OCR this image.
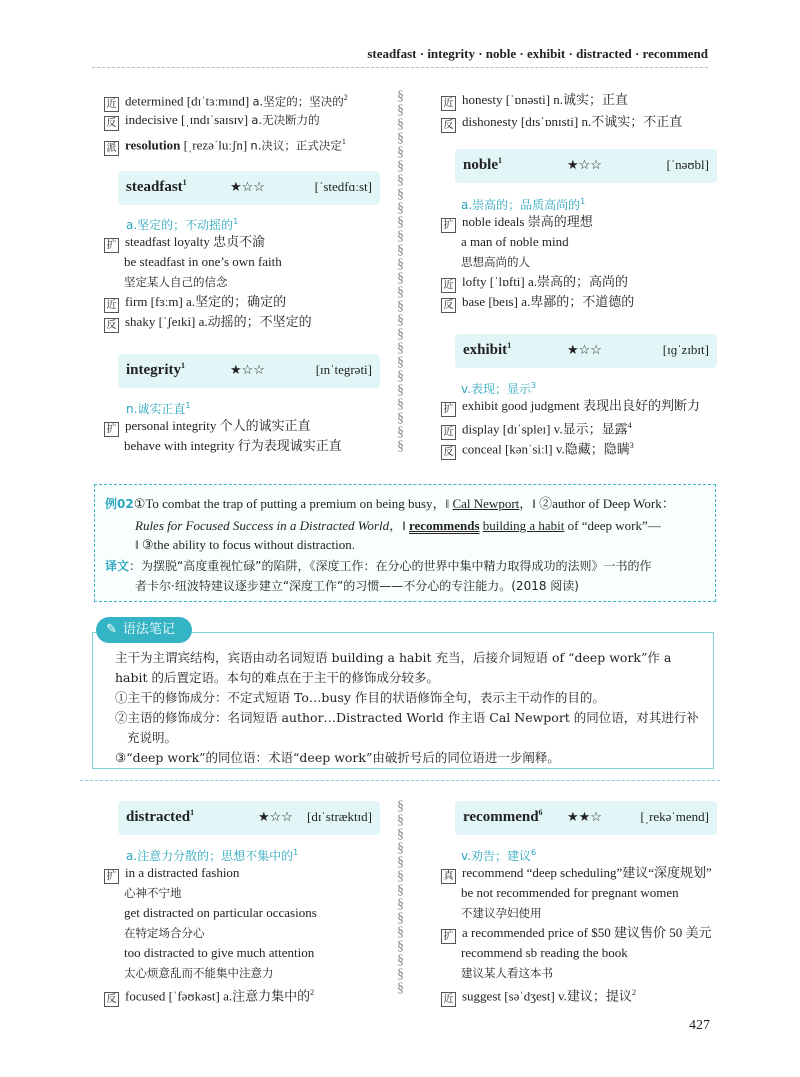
steadfast · integrity · noble · exhibit · distracted · recommend
近 determined [dɪˈtɜːmɪnd] a.坚定的；坚决的$^2$
反 indecisive [ˌɪndɪˈsaɪsɪv] a.无决断力的
派 resolution [ˌrezəˈluːʃn] n.决议；正式决定$^1$
steadfast$^1$	★☆☆	[ˈstedfɑːst]
a.坚定的；不动摇的$^1$
扩 steadfast loyalty 忠贞不渝
be steadfast in one’s own faith
坚定某人自己的信念
近 firm [fɜːm] a.坚定的；确定的
反 shaky [ˈʃeɪki] a.动摇的；不坚定的
integrity$^1$	★☆☆	[ɪnˈtegrəti]
n.诚实正直$^1$
扩 personal integrity 个人的诚实正直
behave with integrity 行为表现诚实正直
§
§
§
§
§
§
§
§
§
§
§
§
§
§
§
§
§
§
§
§
§
§
§
§
§
§

近 honesty [ˈɒnəsti] n.诚实；正直
反 dishonesty [dɪsˈɒnɪsti] n.不诚实；不正直
noble$^1$	★☆☆	[ˈnəʊbl]
a.崇高的；品质高尚的$^1$
扩 noble ideals 崇高的理想
a man of noble mind
思想高尚的人
近 lofty [ˈlɒfti] a.崇高的；高尚的
反 base [beɪs] a.卑鄙的；不道德的
exhibit$^1$	★☆☆	[ɪɡˈzɪbɪt]
v.表现；显示$^3$
扩 exhibit good judgment 表现出良好的判断力
近 display [dɪˈspleɪ] v.显示；显露$^4$
反 conceal [kənˈsiːl] v.隐藏；隐瞒$^3$
例02①To combat the trap of putting a premium on being busy，‖ Cal Newport，‖ ②author of Deep Work：
Rules for Focused Success in a Distracted World，‖ recommends building a habit of “deep work”—
‖ ③the ability to focus without distraction.
译文：为摆脱“高度重视忙碌”的陷阱，《深度工作：在分心的世界中集中精力取得成功的法则》一书的作
者卡尔·纽波特建议逐步建立“深度工作”的习惯——不分心的专注能力。(2018 阅读)
✎ 语法笔记
主干为主谓宾结构，宾语由动名词短语 building a habit 充当，后接介词短语 of “deep work”作 a
habit 的后置定语。本句的难点在于主干的修饰成分较多。
①主干的修饰成分：不定式短语 To…busy 作目的状语修饰全句，表示主干动作的目的。
②主语的修饰成分：名词短语 author…Distracted World 作主语 Cal Newport 的同位语，对其进行补
充说明。
③“deep work”的同位语：术语“deep work”由破折号后的同位语进一步阐释。
distracted$^1$	★☆☆ [dɪˈstræktɪd]
a.注意力分散的；思想不集中的$^1$
扩 in a distracted fashion
心神不宁地
get distracted on particular occasions
在特定场合分心
too distracted to give much attention
太心烦意乱而不能集中注意力
反 focused [ˈfəʊkəst] a.注意力集中的$^2$
§
§
§
§
§
§
§
§
§
§
§
§
§
§

recommend$^6$ ★★☆	[ˌrekəˈmend]
v.劝告；建议$^6$
真 recommend “deep scheduling”建议“深度规划”
be not recommended for pregnant women
不建议孕妇使用
扩 a recommended price of $50 建议售价 50 美元
recommend sb reading the book
建议某人看这本书
近 suggest [səˈdʒest] v.建议；提议$^2$
427
